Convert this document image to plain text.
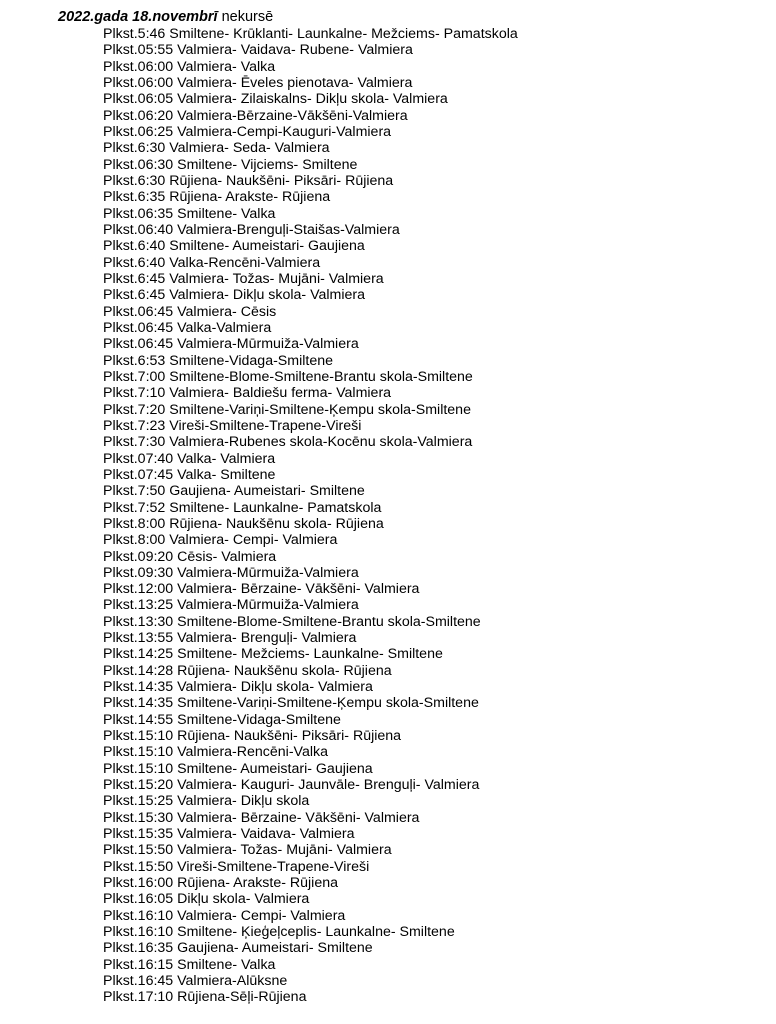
2022.gada 18.novembrī nekursē
Plkst.5:46 Smiltene- Krūklanti- Launkalne- Mežciems- Pamatskola
Plkst.05:55 Valmiera- Vaidava- Rubene- Valmiera
Plkst.06:00 Valmiera- Valka
Plkst.06:00 Valmiera- Ēveles pienotava- Valmiera
Plkst.06:05 Valmiera- Zilaiskalns- Dikļu skola- Valmiera
Plkst.06:20 Valmiera-Bērzaine-Vākšēni-Valmiera
Plkst.06:25 Valmiera-Cempi-Kauguri-Valmiera
Plkst.6:30 Valmiera- Seda- Valmiera
Plkst.06:30 Smiltene- Vijciems- Smiltene
Plkst.6:30 Rūjiena- Naukšēni- Piksāri- Rūjiena
Plkst.6:35 Rūjiena- Arakste- Rūjiena
Plkst.06:35 Smiltene- Valka
Plkst.06:40 Valmiera-Brenguļi-Staišas-Valmiera
Plkst.6:40 Smiltene- Aumeistari- Gaujiena
Plkst.6:40 Valka-Rencēni-Valmiera
Plkst.6:45 Valmiera- Tožas- Mujāni- Valmiera
Plkst.6:45 Valmiera- Dikļu skola- Valmiera
Plkst.06:45 Valmiera- Cēsis
Plkst.06:45 Valka-Valmiera
Plkst.06:45 Valmiera-Mūrmuiža-Valmiera
Plkst.6:53 Smiltene-Vidaga-Smiltene
Plkst.7:00 Smiltene-Blome-Smiltene-Brantu skola-Smiltene
Plkst.7:10 Valmiera- Baldiešu ferma- Valmiera
Plkst.7:20 Smiltene-Variņi-Smiltene-Ķempu skola-Smiltene
Plkst.7:23 Vireši-Smiltene-Trapene-Vireši
Plkst.7:30 Valmiera-Rubenes skola-Kocēnu skola-Valmiera
Plkst.07:40 Valka- Valmiera
Plkst.07:45 Valka- Smiltene
Plkst.7:50 Gaujiena- Aumeistari- Smiltene
Plkst.7:52 Smiltene- Launkalne- Pamatskola
Plkst.8:00 Rūjiena- Naukšēnu skola- Rūjiena
Plkst.8:00 Valmiera- Cempi- Valmiera
Plkst.09:20 Cēsis- Valmiera
Plkst.09:30 Valmiera-Mūrmuiža-Valmiera
Plkst.12:00 Valmiera- Bērzaine- Vākšēni- Valmiera
Plkst.13:25 Valmiera-Mūrmuiža-Valmiera
Plkst.13:30 Smiltene-Blome-Smiltene-Brantu skola-Smiltene
Plkst.13:55 Valmiera- Brenguļi- Valmiera
Plkst.14:25 Smiltene- Mežciems- Launkalne- Smiltene
Plkst.14:28 Rūjiena- Naukšēnu skola- Rūjiena
Plkst.14:35 Valmiera- Dikļu skola- Valmiera
Plkst.14:35 Smiltene-Variņi-Smiltene-Ķempu skola-Smiltene
Plkst.14:55 Smiltene-Vidaga-Smiltene
Plkst.15:10 Rūjiena- Naukšēni- Piksāri- Rūjiena
Plkst.15:10 Valmiera-Rencēni-Valka
Plkst.15:10 Smiltene- Aumeistari- Gaujiena
Plkst.15:20 Valmiera- Kauguri- Jaunvāle- Brenguļi- Valmiera
Plkst.15:25 Valmiera- Dikļu skola
Plkst.15:30 Valmiera- Bērzaine- Vākšēni- Valmiera
Plkst.15:35 Valmiera- Vaidava- Valmiera
Plkst.15:50 Valmiera- Tožas- Mujāni- Valmiera
Plkst.15:50 Vireši-Smiltene-Trapene-Vireši
Plkst.16:00 Rūjiena- Arakste- Rūjiena
Plkst.16:05 Dikļu skola- Valmiera
Plkst.16:10 Valmiera- Cempi- Valmiera
Plkst.16:10 Smiltene- Ķieģeļceplis- Launkalne- Smiltene
Plkst.16:35 Gaujiena- Aumeistari- Smiltene
Plkst.16:15 Smiltene- Valka
Plkst.16:45 Valmiera-Alūksne
Plkst.17:10 Rūjiena-Sēļi-Rūjiena
